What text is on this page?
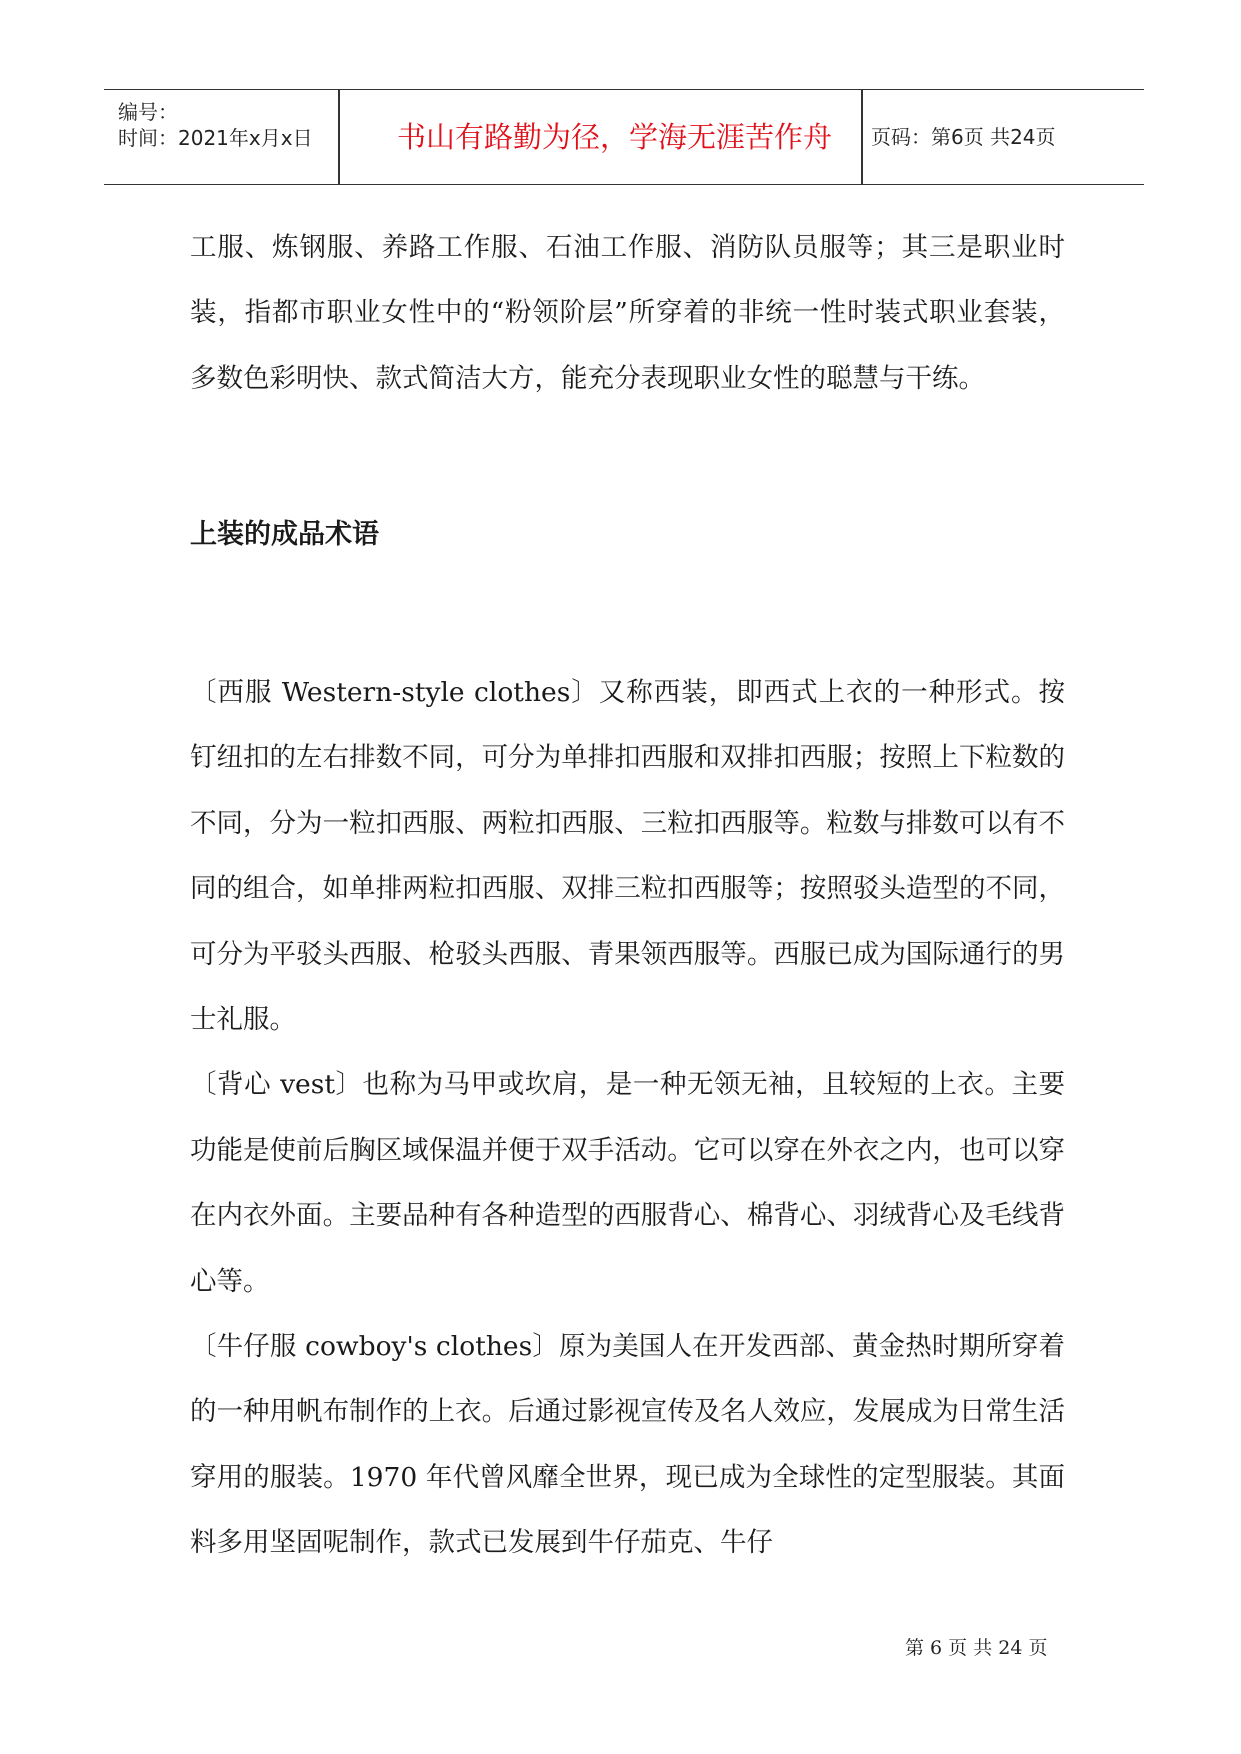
编号：
时间：2021年x月x日	书山有路勤为径，学海无涯苦作舟	页码：第6页 共24页

工服、炼钢服、养路工作服、石油工作服、消防队员服等；其三是职业时装，指都市职业女性中的“粉领阶层”所穿着的非统一性时装式职业套装，多数色彩明快、款式简洁大方，能充分表现职业女性的聪慧与干练。

上装的成品术语

〔西服 Western-style clothes〕又称西装，即西式上衣的一种形式。按钉纽扣的左右排数不同，可分为单排扣西服和双排扣西服；按照上下粒数的不同，分为一粒扣西服、两粒扣西服、三粒扣西服等。粒数与排数可以有不同的组合，如单排两粒扣西服、双排三粒扣西服等；按照驳头造型的不同，可分为平驳头西服、枪驳头西服、青果领西服等。西服已成为国际通行的男士礼服。

〔背心 vest〕也称为马甲或坎肩，是一种无领无袖，且较短的上衣。主要功能是使前后胸区域保温并便于双手活动。它可以穿在外衣之内，也可以穿在内衣外面。主要品种有各种造型的西服背心、棉背心、羽绒背心及毛线背心等。

〔牛仔服 cowboy's clothes〕原为美国人在开发西部、黄金热时期所穿着的一种用帆布制作的上衣。后通过影视宣传及名人效应，发展成为日常生活穿用的服装。1970 年代曾风靡全世界，现已成为全球性的定型服装。其面料多用坚固呢制作，款式已发展到牛仔茄克、牛仔

第 6 页 共 24 页
